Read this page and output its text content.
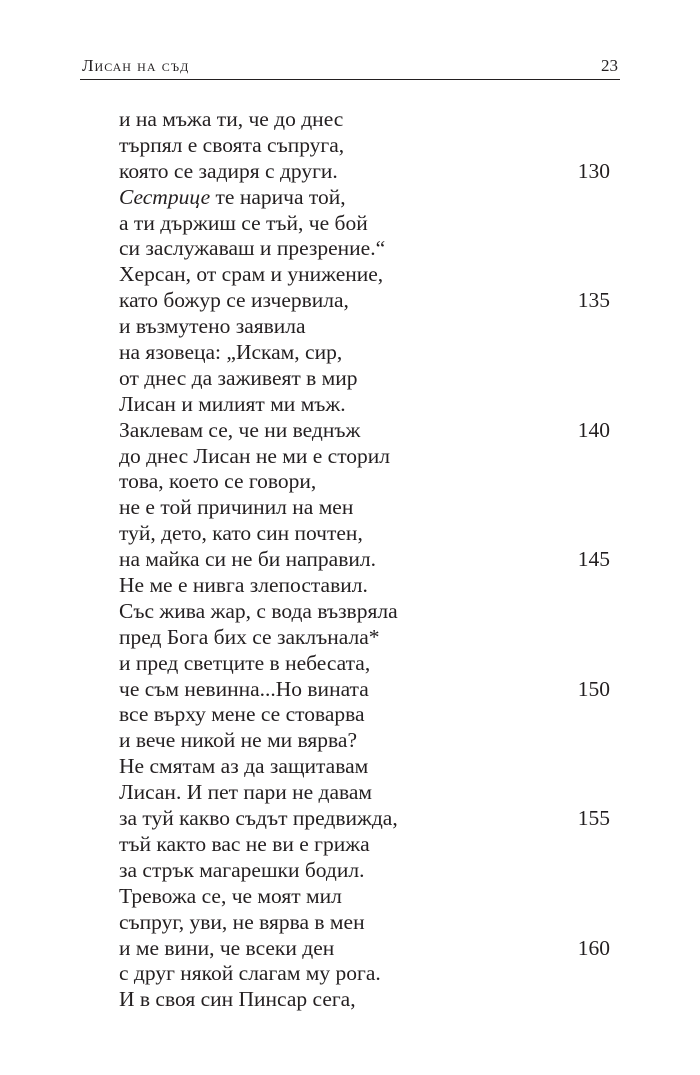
Лисан на съд	23
и на мъжа ти, че до днес
търпял е своята съпруга,
която се задиря с други.	130
Сестрице те нарича той,
а ти държиш се тъй, че бой
си заслужаваш и презрение.“
Херсан, от срам и унижение,
като божур се изчервила,	135
и възмутено заявила
на язовеца: „Искам, сир,
от днес да заживеят в мир
Лисан и милият ми мъж.
Заклевам се, че ни веднъж	140
до днес Лисан не ми е сторил
това, което се говори,
не е той причинил на мен
туй, дето, като син почтен,
на майка си не би направил.	145
Не ме е нивга злепоставил.
Със жива жар, с вода възвряла
пред Бога бих се заклънала*
и пред светците в небесата,
че съм невинна...Но вината	150
все върху мене се стоварва
и вече никой не ми вярва?
Не смятам аз да защитавам
Лисан. И пет пари не давам
за туй какво съдът предвижда,	155
тъй както вас не ви е грижа
за стрък магарешки бодил.
Тревожа се, че моят мил
съпруг, уви, не вярва в мен
и ме вини, че всеки ден	160
с друг някой слагам му рога.
И в своя син Пинсар сега,
